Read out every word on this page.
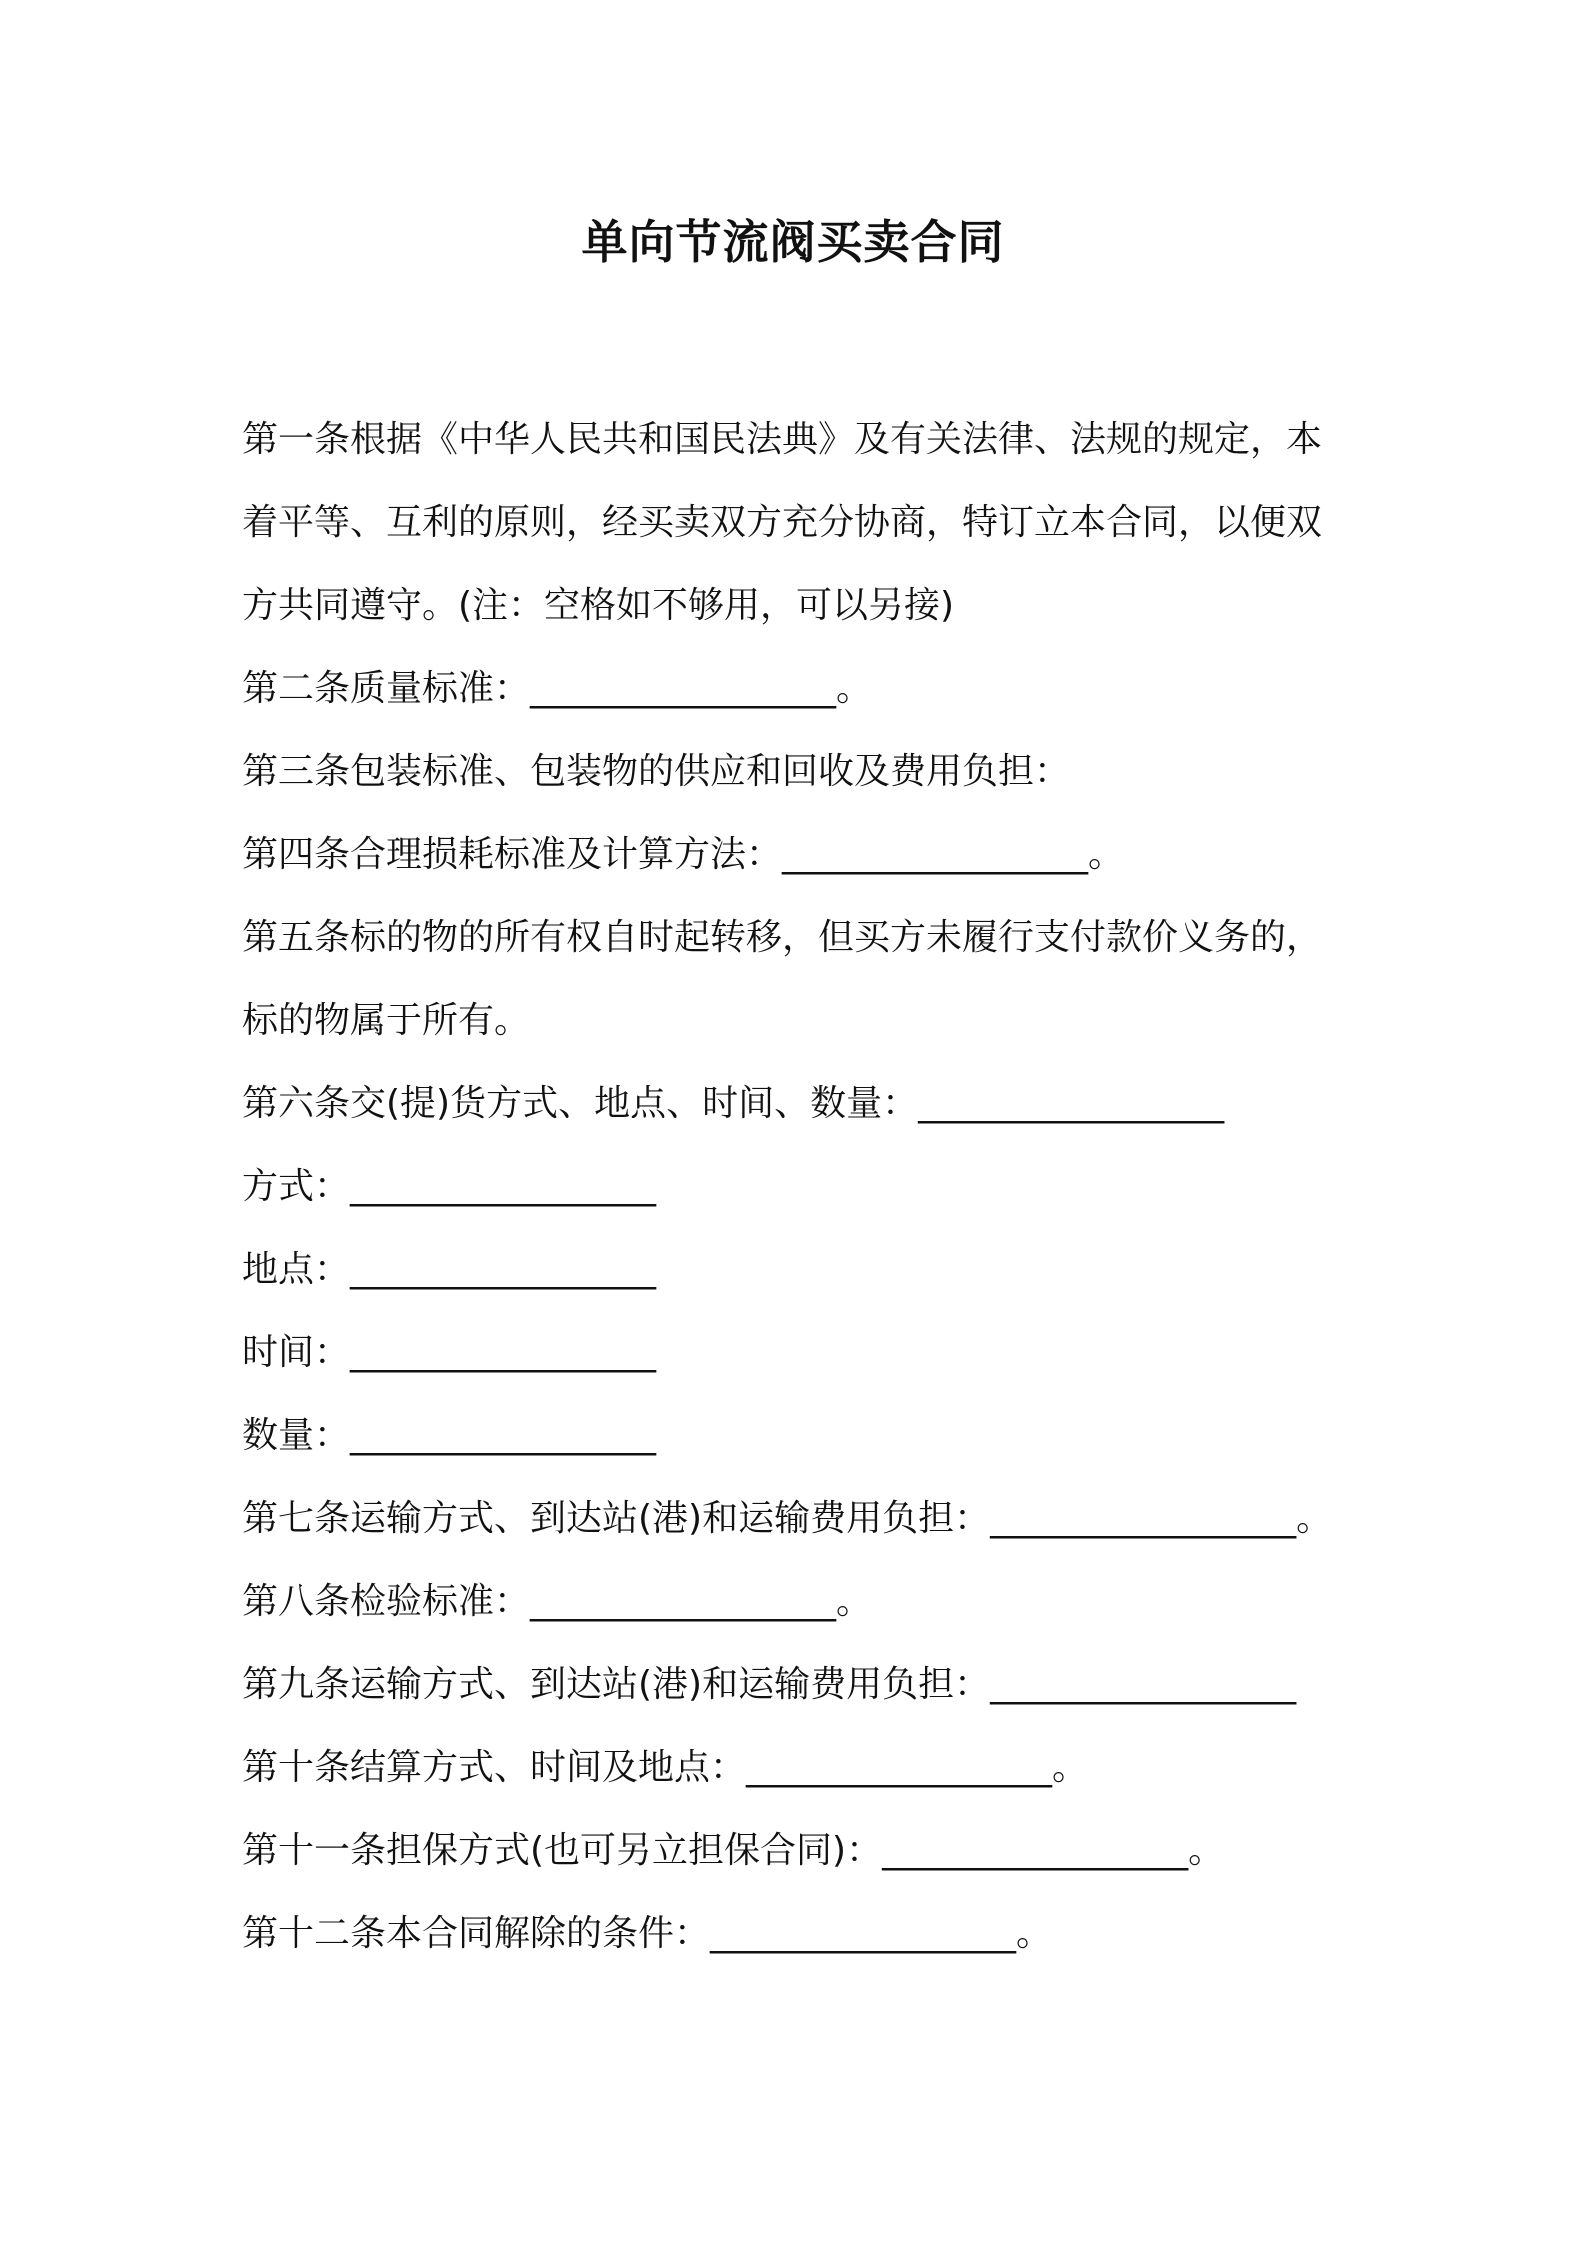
单向节流阀买卖合同

第一条根据《中华人民共和国民法典》及有关法律、法规的规定，本

着平等、互利的原则，经买卖双方充分协商，特订立本合同，以便双

方共同遵守。(注：空格如不够用，可以另接)

第二条质量标准：_________________。

第三条包装标准、包装物的供应和回收及费用负担：

第四条合理损耗标准及计算方法：_________________。

第五条标的物的所有权自时起转移，但买方未履行支付款价义务的，

标的物属于所有。

第六条交(提)货方式、地点、时间、数量：_________________

方式：_________________

地点：_________________

时间：_________________

数量：_________________

第七条运输方式、到达站(港)和运输费用负担：_________________。

第八条检验标准：_________________。

第九条运输方式、到达站(港)和运输费用负担：_________________

第十条结算方式、时间及地点：_________________。

第十一条担保方式(也可另立担保合同)：_________________。

第十二条本合同解除的条件：_________________。
